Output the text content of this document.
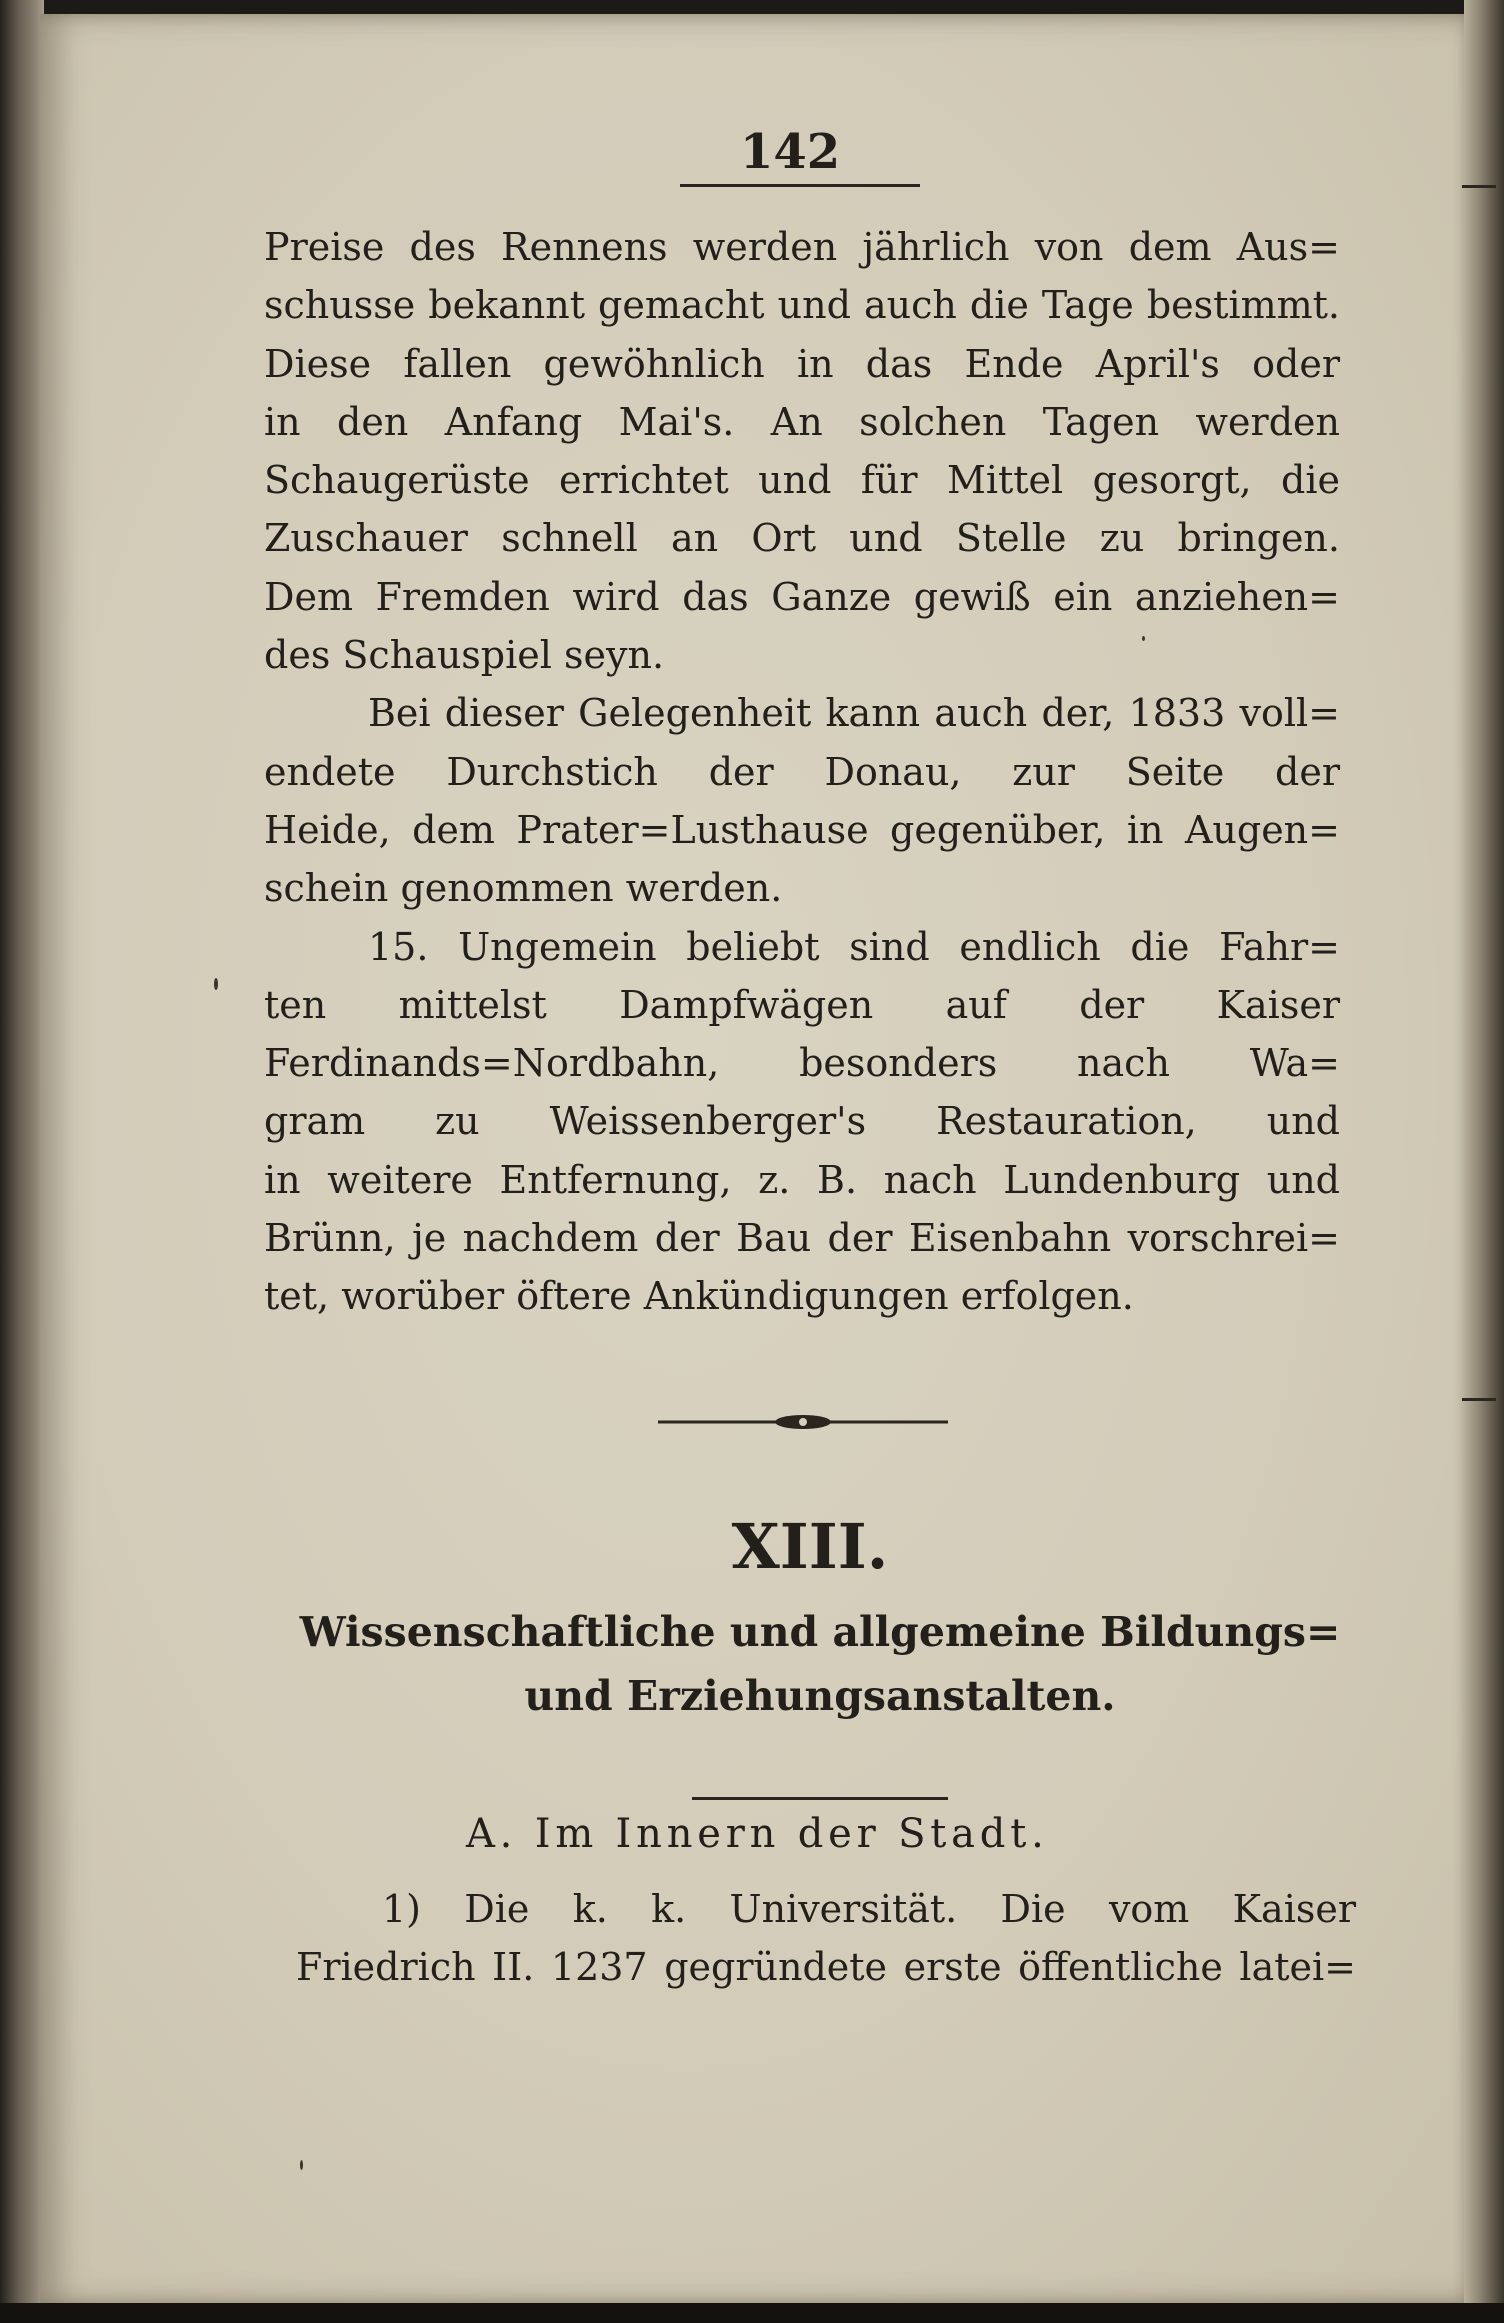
142
Preise des Rennens werden jährlich von dem Aus=
schusse bekannt gemacht und auch die Tage bestimmt.
Diese fallen gewöhnlich in das Ende April's oder
in den Anfang Mai's. An solchen Tagen werden
Schaugerüste errichtet und für Mittel gesorgt, die
Zuschauer schnell an Ort und Stelle zu bringen.
Dem Fremden wird das Ganze gewiß ein anziehen=
des Schauspiel seyn.
Bei dieser Gelegenheit kann auch der, 1833 voll=
endete Durchstich der Donau, zur Seite der
Heide, dem Prater=Lusthause gegenüber, in Augen=
schein genommen werden.
15. Ungemein beliebt sind endlich die Fahr=
ten mittelst Dampfwägen auf der Kaiser
Ferdinands=Nordbahn, besonders nach Wa=
gram zu Weissenberger's Restauration, und
in weitere Entfernung, z. B. nach Lundenburg und
Brünn, je nachdem der Bau der Eisenbahn vorschrei=
tet, worüber öftere Ankündigungen erfolgen.
XIII.
Wissenschaftliche und allgemeine Bildungs=
und Erziehungsanstalten.
A. Im Innern der Stadt.
1) Die k. k. Universität. Die vom Kaiser
Friedrich II. 1237 gegründete erste öffentliche latei=
